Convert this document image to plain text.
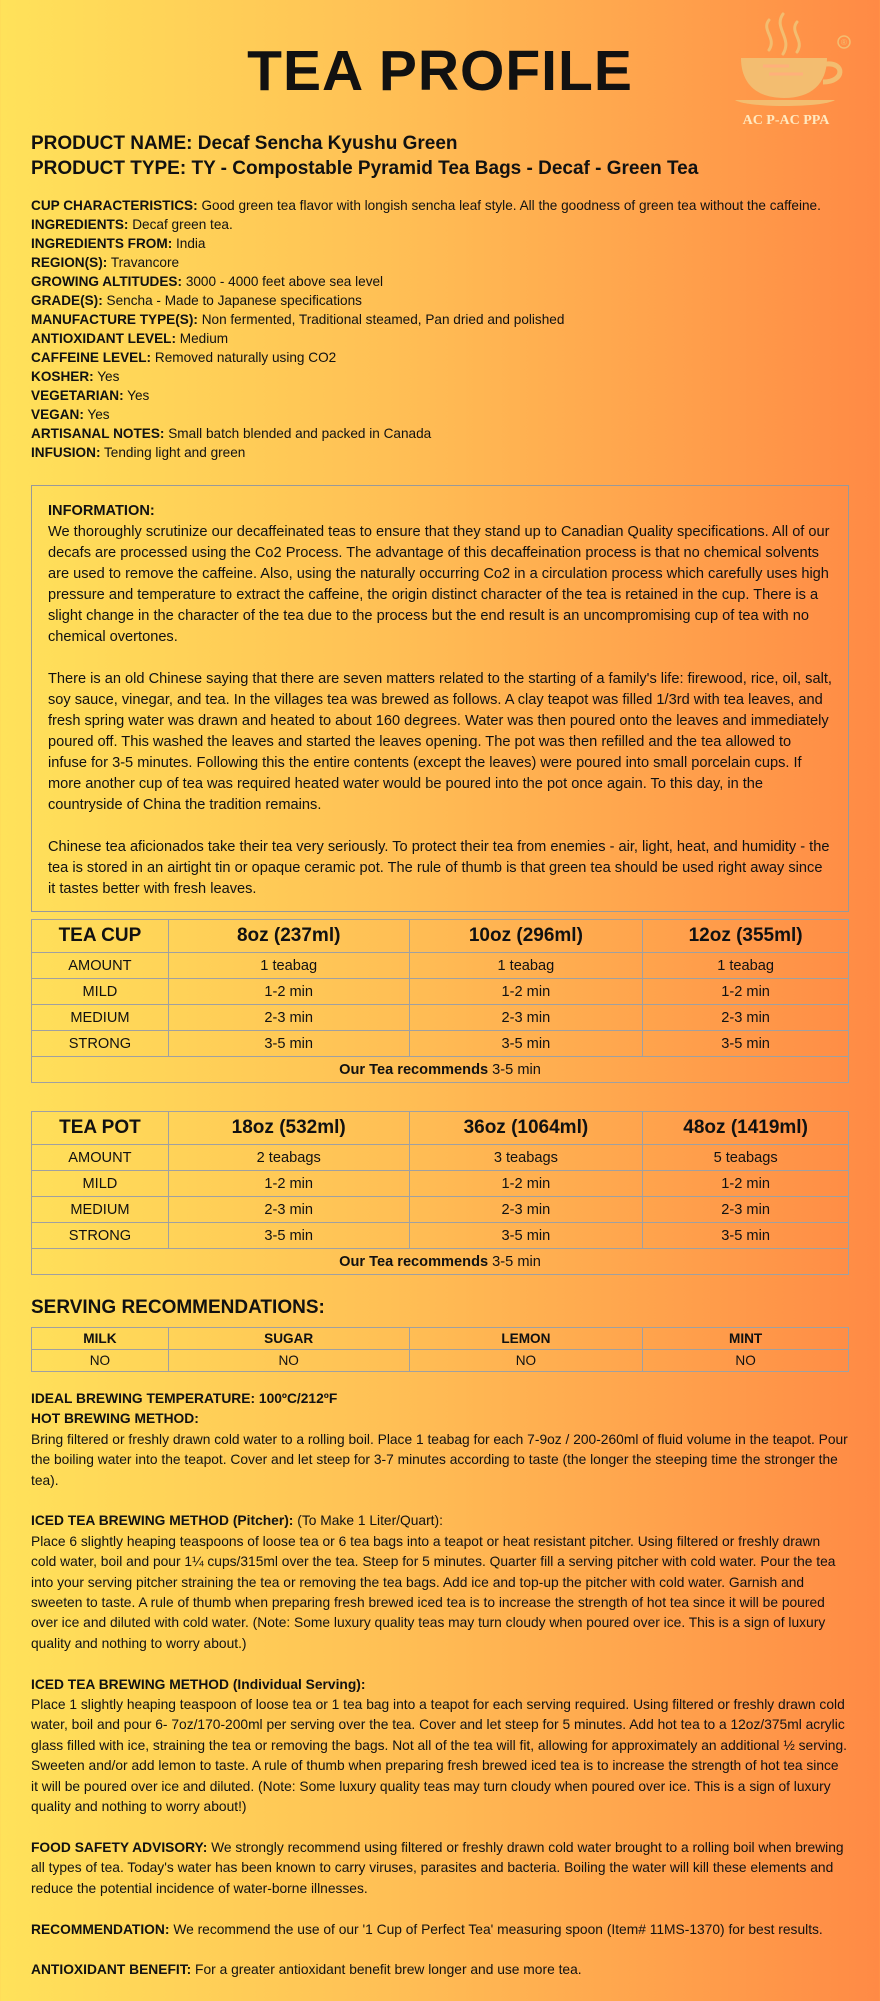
TEA PROFILE	®
AC P-AC PPA

PRODUCT NAME: Decaf Sencha Kyushu Green

PRODUCT TYPE: TY - Compostable Pyramid Tea Bags - Decaf - Green Tea

CUP CHARACTERISTICS: Good green tea flavor with longish sencha leaf style. All the goodness of green tea without the caffeine.
INGREDIENTS: Decaf green tea.
INGREDIENTS FROM: India
REGION(S): Travancore
GROWING ALTITUDES: 3000 - 4000 feet above sea level
GRADE(S): Sencha - Made to Japanese specifications
MANUFACTURE TYPE(S): Non fermented, Traditional steamed, Pan dried and polished
ANTIOXIDANT LEVEL: Medium
CAFFEINE LEVEL: Removed naturally using CO2
KOSHER: Yes
VEGETARIAN: Yes
VEGAN: Yes
ARTISANAL NOTES: Small batch blended and packed in Canada
INFUSION: Tending light and green
INFORMATION:

We thoroughly scrutinize our decaffeinated teas to ensure that they stand up to Canadian Quality specifications. All of our decafs are processed using the Co2 Process. The advantage of this decaffeination process is that no chemical solvents are used to remove the caffeine. Also, using the naturally occurring Co2 in a circulation process which carefully uses high pressure and temperature to extract the caffeine, the origin distinct character of the tea is retained in the cup. There is a slight change in the character of the tea due to the process but the end result is an uncompromising cup of tea with no chemical overtones.

There is an old Chinese saying that there are seven matters related to the starting of a family's life: firewood, rice, oil, salt, soy sauce, vinegar, and tea. In the villages tea was brewed as follows. A clay teapot was filled 1/3rd with tea leaves, and fresh spring water was drawn and heated to about 160 degrees. Water was then poured onto the leaves and immediately poured off. This washed the leaves and started the leaves opening. The pot was then refilled and the tea allowed to infuse for 3-5 minutes. Following this the entire contents (except the leaves) were poured into small porcelain cups. If more another cup of tea was required heated water would be poured into the pot once again. To this day, in the countryside of China the tradition remains.

Chinese tea aficionados take their tea very seriously. To protect their tea from enemies - air, light, heat, and humidity - the tea is stored in an airtight tin or opaque ceramic pot. The rule of thumb is that green tea should be used right away since it tastes better with fresh leaves.

TEA CUP	8oz (237ml)	10oz (296ml)	12oz (355ml)
AMOUNT	1 teabag	1 teabag	1 teabag
MILD	1-2 min	1-2 min	1-2 min
MEDIUM	2-3 min	2-3 min	2-3 min
STRONG	3-5 min	3-5 min	3-5 min
Our Tea recommends 3-5 min			
TEA POT	18oz (532ml)	36oz (1064ml)	48oz (1419ml)
AMOUNT	2 teabags	3 teabags	5 teabags
MILD	1-2 min	1-2 min	1-2 min
MEDIUM	2-3 min	2-3 min	2-3 min
STRONG	3-5 min	3-5 min	3-5 min
Our Tea recommends 3-5 min			
SERVING RECOMMENDATIONS:
MILK	SUGAR	LEMON	MINT
NO	NO	NO	NO
IDEAL BREWING TEMPERATURE: 100ºC/212ºF
HOT BREWING METHOD:

Bring filtered or freshly drawn cold water to a rolling boil. Place 1 teabag for each 7-9oz / 200-260ml of fluid volume in the teapot. Pour the boiling water into the teapot. Cover and let steep for 3-7 minutes according to taste (the longer the steeping time the stronger the tea).

ICED TEA BREWING METHOD (Pitcher): (To Make 1 Liter/Quart):

Place 6 slightly heaping teaspoons of loose tea or 6 tea bags into a teapot or heat resistant pitcher. Using filtered or freshly drawn cold water, boil and pour 1¼ cups/315ml over the tea. Steep for 5 minutes. Quarter fill a serving pitcher with cold water. Pour the tea into your serving pitcher straining the tea or removing the tea bags. Add ice and top-up the pitcher with cold water. Garnish and sweeten to taste. A rule of thumb when preparing fresh brewed iced tea is to increase the strength of hot tea since it will be poured over ice and diluted with cold water. (Note: Some luxury quality teas may turn cloudy when poured over ice. This is a sign of luxury quality and nothing to worry about.)

ICED TEA BREWING METHOD (Individual Serving):

Place 1 slightly heaping teaspoon of loose tea or 1 tea bag into a teapot for each serving required. Using filtered or freshly drawn cold water, boil and pour 6- 7oz/170-200ml per serving over the tea. Cover and let steep for 5 minutes. Add hot tea to a 12oz/375ml acrylic glass filled with ice, straining the tea or removing the bags. Not all of the tea will fit, allowing for approximately an additional ½ serving. Sweeten and/or add lemon to taste. A rule of thumb when preparing fresh brewed iced tea is to increase the strength of hot tea since it will be poured over ice and diluted. (Note: Some luxury quality teas may turn cloudy when poured over ice. This is a sign of luxury quality and nothing to worry about!)

FOOD SAFETY ADVISORY: We strongly recommend using filtered or freshly drawn cold water brought to a rolling boil when brewing all types of tea. Today's water has been known to carry viruses, parasites and bacteria. Boiling the water will kill these elements and reduce the potential incidence of water-borne illnesses.

RECOMMENDATION: We recommend the use of our '1 Cup of Perfect Tea' measuring spoon (Item# 11MS-1370) for best results.

ANTIOXIDANT BENEFIT: For a greater antioxidant benefit brew longer and use more tea.
